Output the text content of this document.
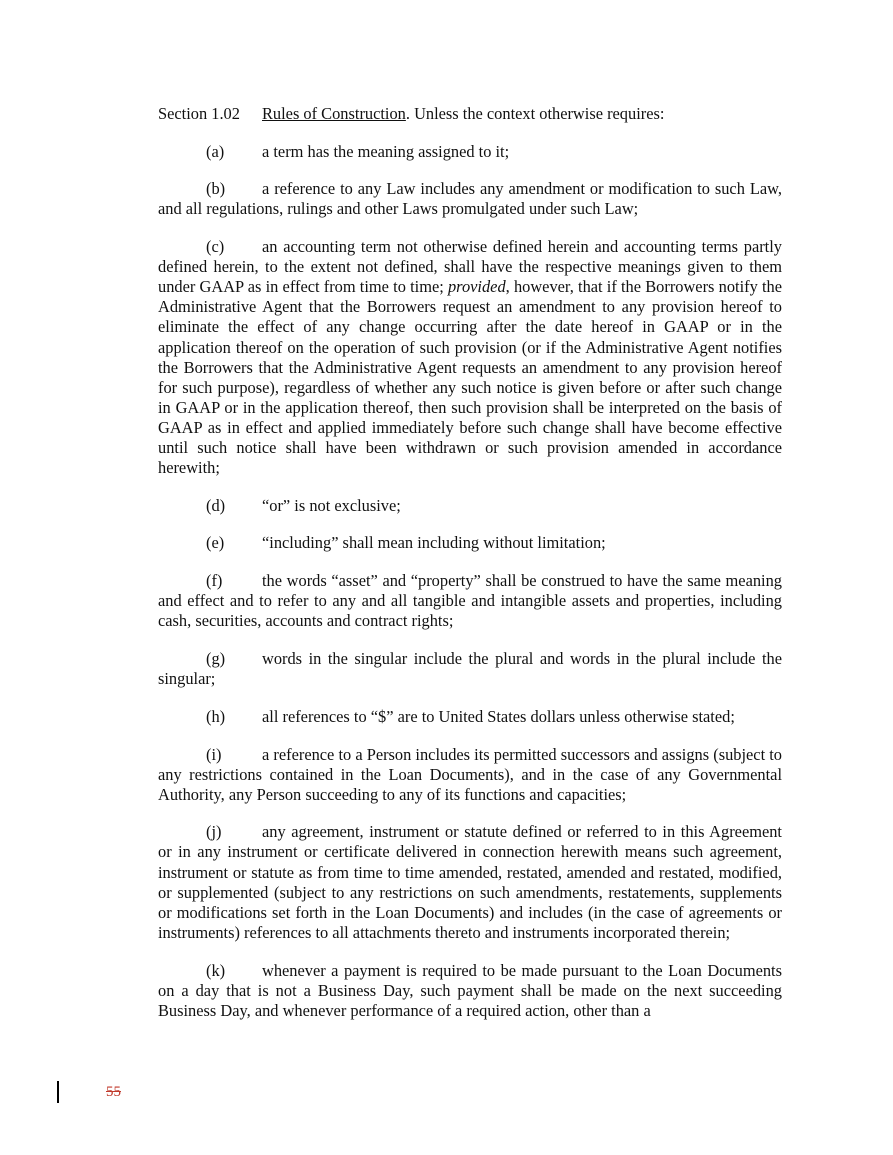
Section 1.02 Rules of Construction. Unless the context otherwise requires:

(a) a term has the meaning assigned to it;

(b) a reference to any Law includes any amendment or modification to such Law, and all regulations, rulings and other Laws promulgated under such Law;

(c) an accounting term not otherwise defined herein and accounting terms partly defined herein, to the extent not defined, shall have the respective meanings given to them under GAAP as in effect from time to time; provided, however, that if the Borrowers notify the Administrative Agent that the Borrowers request an amendment to any provision hereof to eliminate the effect of any change occurring after the date hereof in GAAP or in the application thereof on the operation of such provision (or if the Administrative Agent notifies the Borrowers that the Administrative Agent requests an amendment to any provision hereof for such purpose), regardless of whether any such notice is given before or after such change in GAAP or in the application thereof, then such provision shall be interpreted on the basis of GAAP as in effect and applied immediately before such change shall have become effective until such notice shall have been withdrawn or such provision amended in accordance herewith;

(d) “or” is not exclusive;

(e) “including” shall mean including without limitation;

(f) the words “asset” and “property” shall be construed to have the same meaning and effect and to refer to any and all tangible and intangible assets and properties, including cash, securities, accounts and contract rights;

(g) words in the singular include the plural and words in the plural include the singular;

(h) all references to “$” are to United States dollars unless otherwise stated;

(i) a reference to a Person includes its permitted successors and assigns (subject to any restrictions contained in the Loan Documents), and in the case of any Governmental Authority, any Person succeeding to any of its functions and capacities;

(j) any agreement, instrument or statute defined or referred to in this Agreement or in any instrument or certificate delivered in connection herewith means such agreement, instrument or statute as from time to time amended, restated, amended and restated, modified, or supplemented (subject to any restrictions on such amendments, restatements, supplements or modifications set forth in the Loan Documents) and includes (in the case of agreements or instruments) references to all attachments thereto and instruments incorporated therein;

(k) whenever a payment is required to be made pursuant to the Loan Documents on a day that is not a Business Day, such payment shall be made on the next succeeding Business Day, and whenever performance of a required action, other than a

55
